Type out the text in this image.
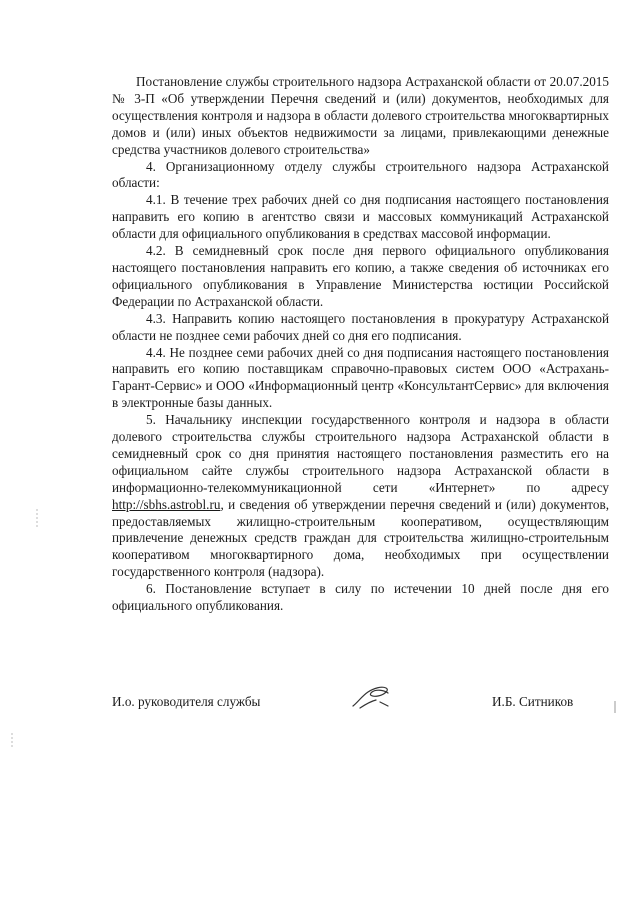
Постановление службы строительного надзора Астраханской области от 20.07.2015 № 3-П «Об утверждении Перечня сведений и (или) документов, необходимых для осуществления контроля и надзора в области долевого строительства многоквартирных домов и (или) иных объектов недвижимости за лицами, привлекающими денежные средства участников долевого строительства»

4. Организационному отделу службы строительного надзора Астраханской области:

4.1. В течение трех рабочих дней со дня подписания настоящего постановления направить его копию в агентство связи и массовых коммуникаций Астраханской области для официального опубликования в средствах массовой информации.

4.2. В семидневный срок после дня первого официального опубликования настоящего постановления направить его копию, а также сведения об источниках его официального опубликования в Управление Министерства юстиции Российской Федерации по Астраханской области.

4.3. Направить копию настоящего постановления в прокуратуру Астраханской области не позднее семи рабочих дней со дня его подписания.

4.4. Не позднее семи рабочих дней со дня подписания настоящего постановления направить его копию поставщикам справочно-правовых систем ООО «Астрахань-Гарант-Сервис» и ООО «Информационный центр «КонсультантСервис» для включения в электронные базы данных.

5. Начальнику инспекции государственного контроля и надзора в области долевого строительства службы строительного надзора Астраханской области в семидневный срок со дня принятия настоящего постановления разместить его на официальном сайте службы строительного надзора Астраханской области в информационно-телекоммуникационной сети «Интернет» по адресу http://sbhs.astrobl.ru, и сведения об утверждении перечня сведений и (или) документов, предоставляемых жилищно-строительным кооперативом, осуществляющим привлечение денежных средств граждан для строительства жилищно-строительным кооперативом многоквартирного дома, необходимых при осуществлении государственного контроля (надзора).

6. Постановление вступает в силу по истечении 10 дней после дня его официального опубликования.

И.о. руководителя службы	И.Б. Ситников
